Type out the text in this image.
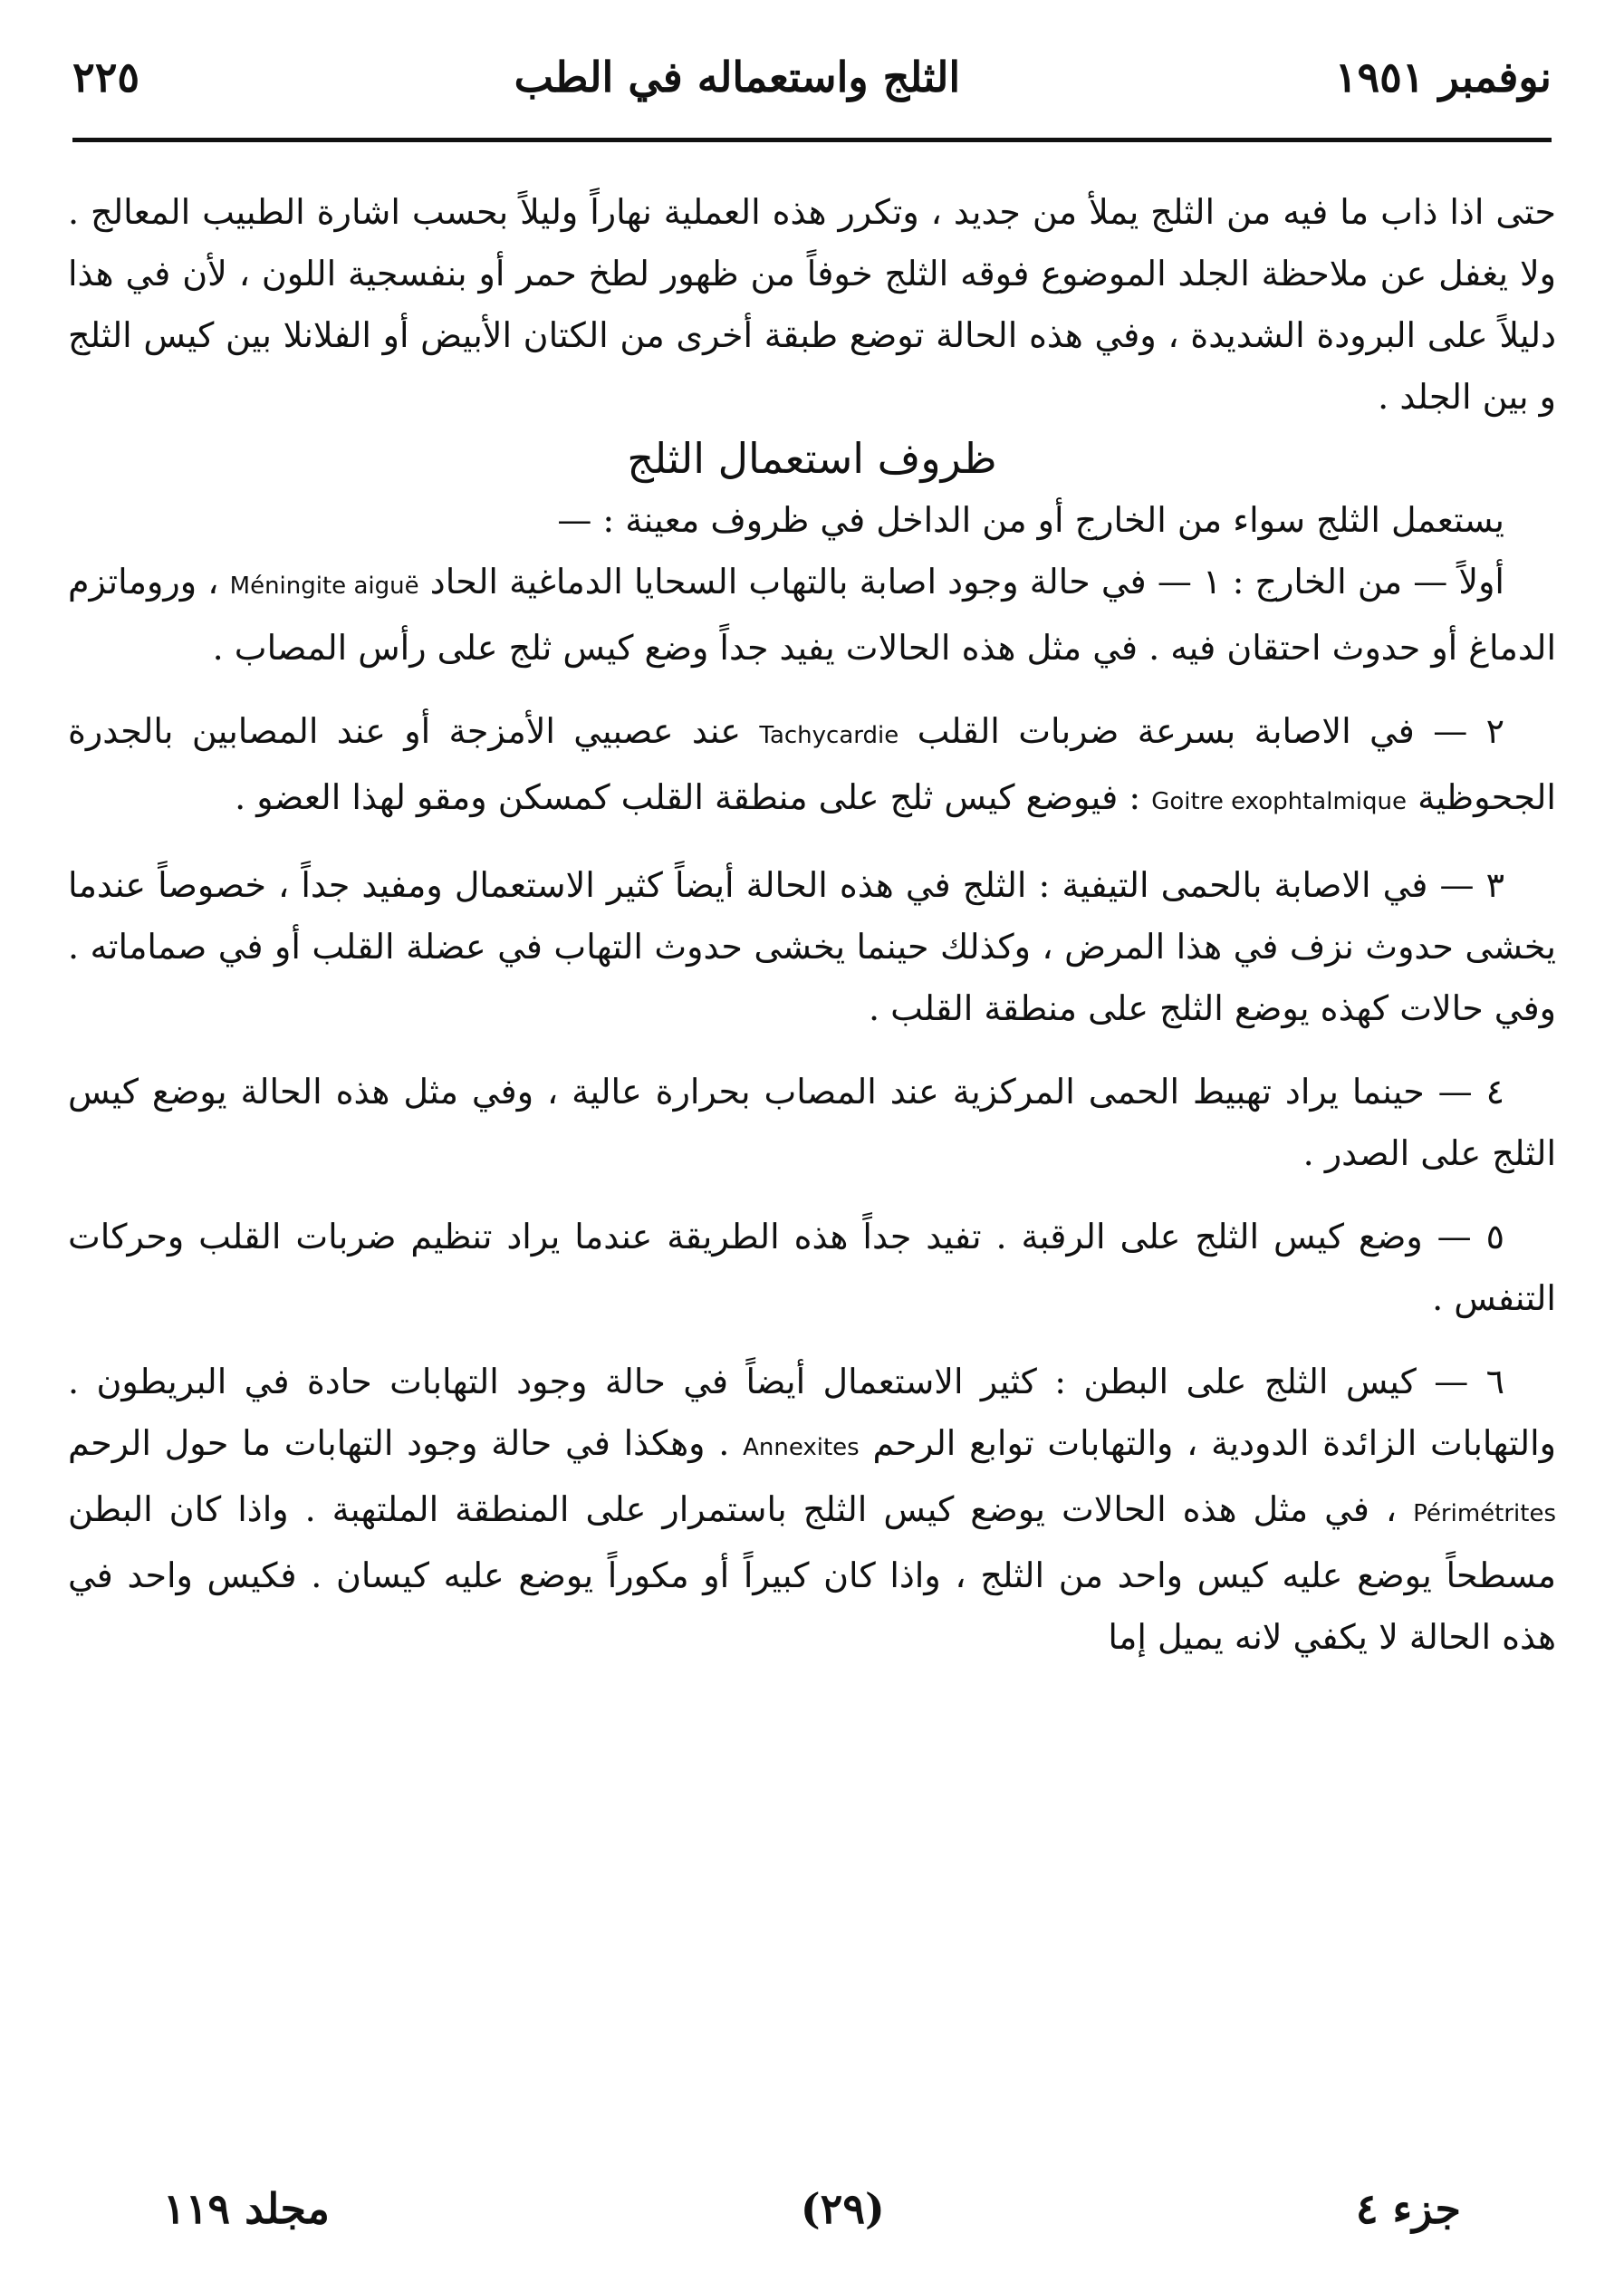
٢٢٥	الثلج واستعماله في الطب	نوفمبر ١٩٥١

حتى اذا ذاب ما فيه من الثلج يملأ من جديد ، وتكرر هذه العملية نهاراً وليلاً بحسب اشارة الطبيب المعالج . ولا يغفل عن ملاحظة الجلد الموضوع فوقه الثلج خوفاً من ظهور لطخ حمر أو بنفسجية اللون ، لأن في هذا دليلاً على البرودة الشديدة ، وفي هذه الحالة توضع طبقة أخرى من الكتان الأبيض أو الفلانلا بين كيس الثلج و بين الجلد .

ظروف استعمال الثلج

يستعمل الثلج سواء من الخارج أو من الداخل في ظروف معينة : —

أولاً — من الخارج : ١ — في حالة وجود اصابة بالتهاب السحايا الدماغية الحاد Méningite aiguë ، وروماتزم الدماغ أو حدوث احتقان فيه . في مثل هذه الحالات يفيد جداً وضع كيس ثلج على رأس المصاب .

٢ — في الاصابة بسرعة ضربات القلب Tachycardie عند عصبيي الأمزجة أو عند المصابين بالجدرة الجحوظية Goitre exophtalmique : فيوضع كيس ثلج على منطقة القلب كمسكن ومقو لهذا العضو .

٣ — في الاصابة بالحمى التيفية : الثلج في هذه الحالة أيضاً كثير الاستعمال ومفيد جداً ، خصوصاً عندما يخشى حدوث نزف في هذا المرض ، وكذلك حينما يخشى حدوث التهاب في عضلة القلب أو في صماماته . وفي حالات كهذه يوضع الثلج على منطقة القلب .

٤ — حينما يراد تهبيط الحمى المركزية عند المصاب بحرارة عالية ، وفي مثل هذه الحالة يوضع كيس الثلج على الصدر .

٥ — وضع كيس الثلج على الرقبة . تفيد جداً هذه الطريقة عندما يراد تنظيم ضربات القلب وحركات التنفس .

٦ — كيس الثلج على البطن : كثير الاستعمال أيضاً في حالة وجود التهابات حادة في البريطون . والتهابات الزائدة الدودية ، والتهابات توابع الرحم Annexites . وهكذا في حالة وجود التهابات ما حول الرحم Périmétrites ، في مثل هذه الحالات يوضع كيس الثلج باستمرار على المنطقة الملتهبة . واذا كان البطن مسطحاً يوضع عليه كيس واحد من الثلج ، واذا كان كبيراً أو مكوراً يوضع عليه كيسان . فكيس واحد في هذه الحالة لا يكفي لانه يميل إما

مجلد ١١٩	(٢٩)	جزء ٤
